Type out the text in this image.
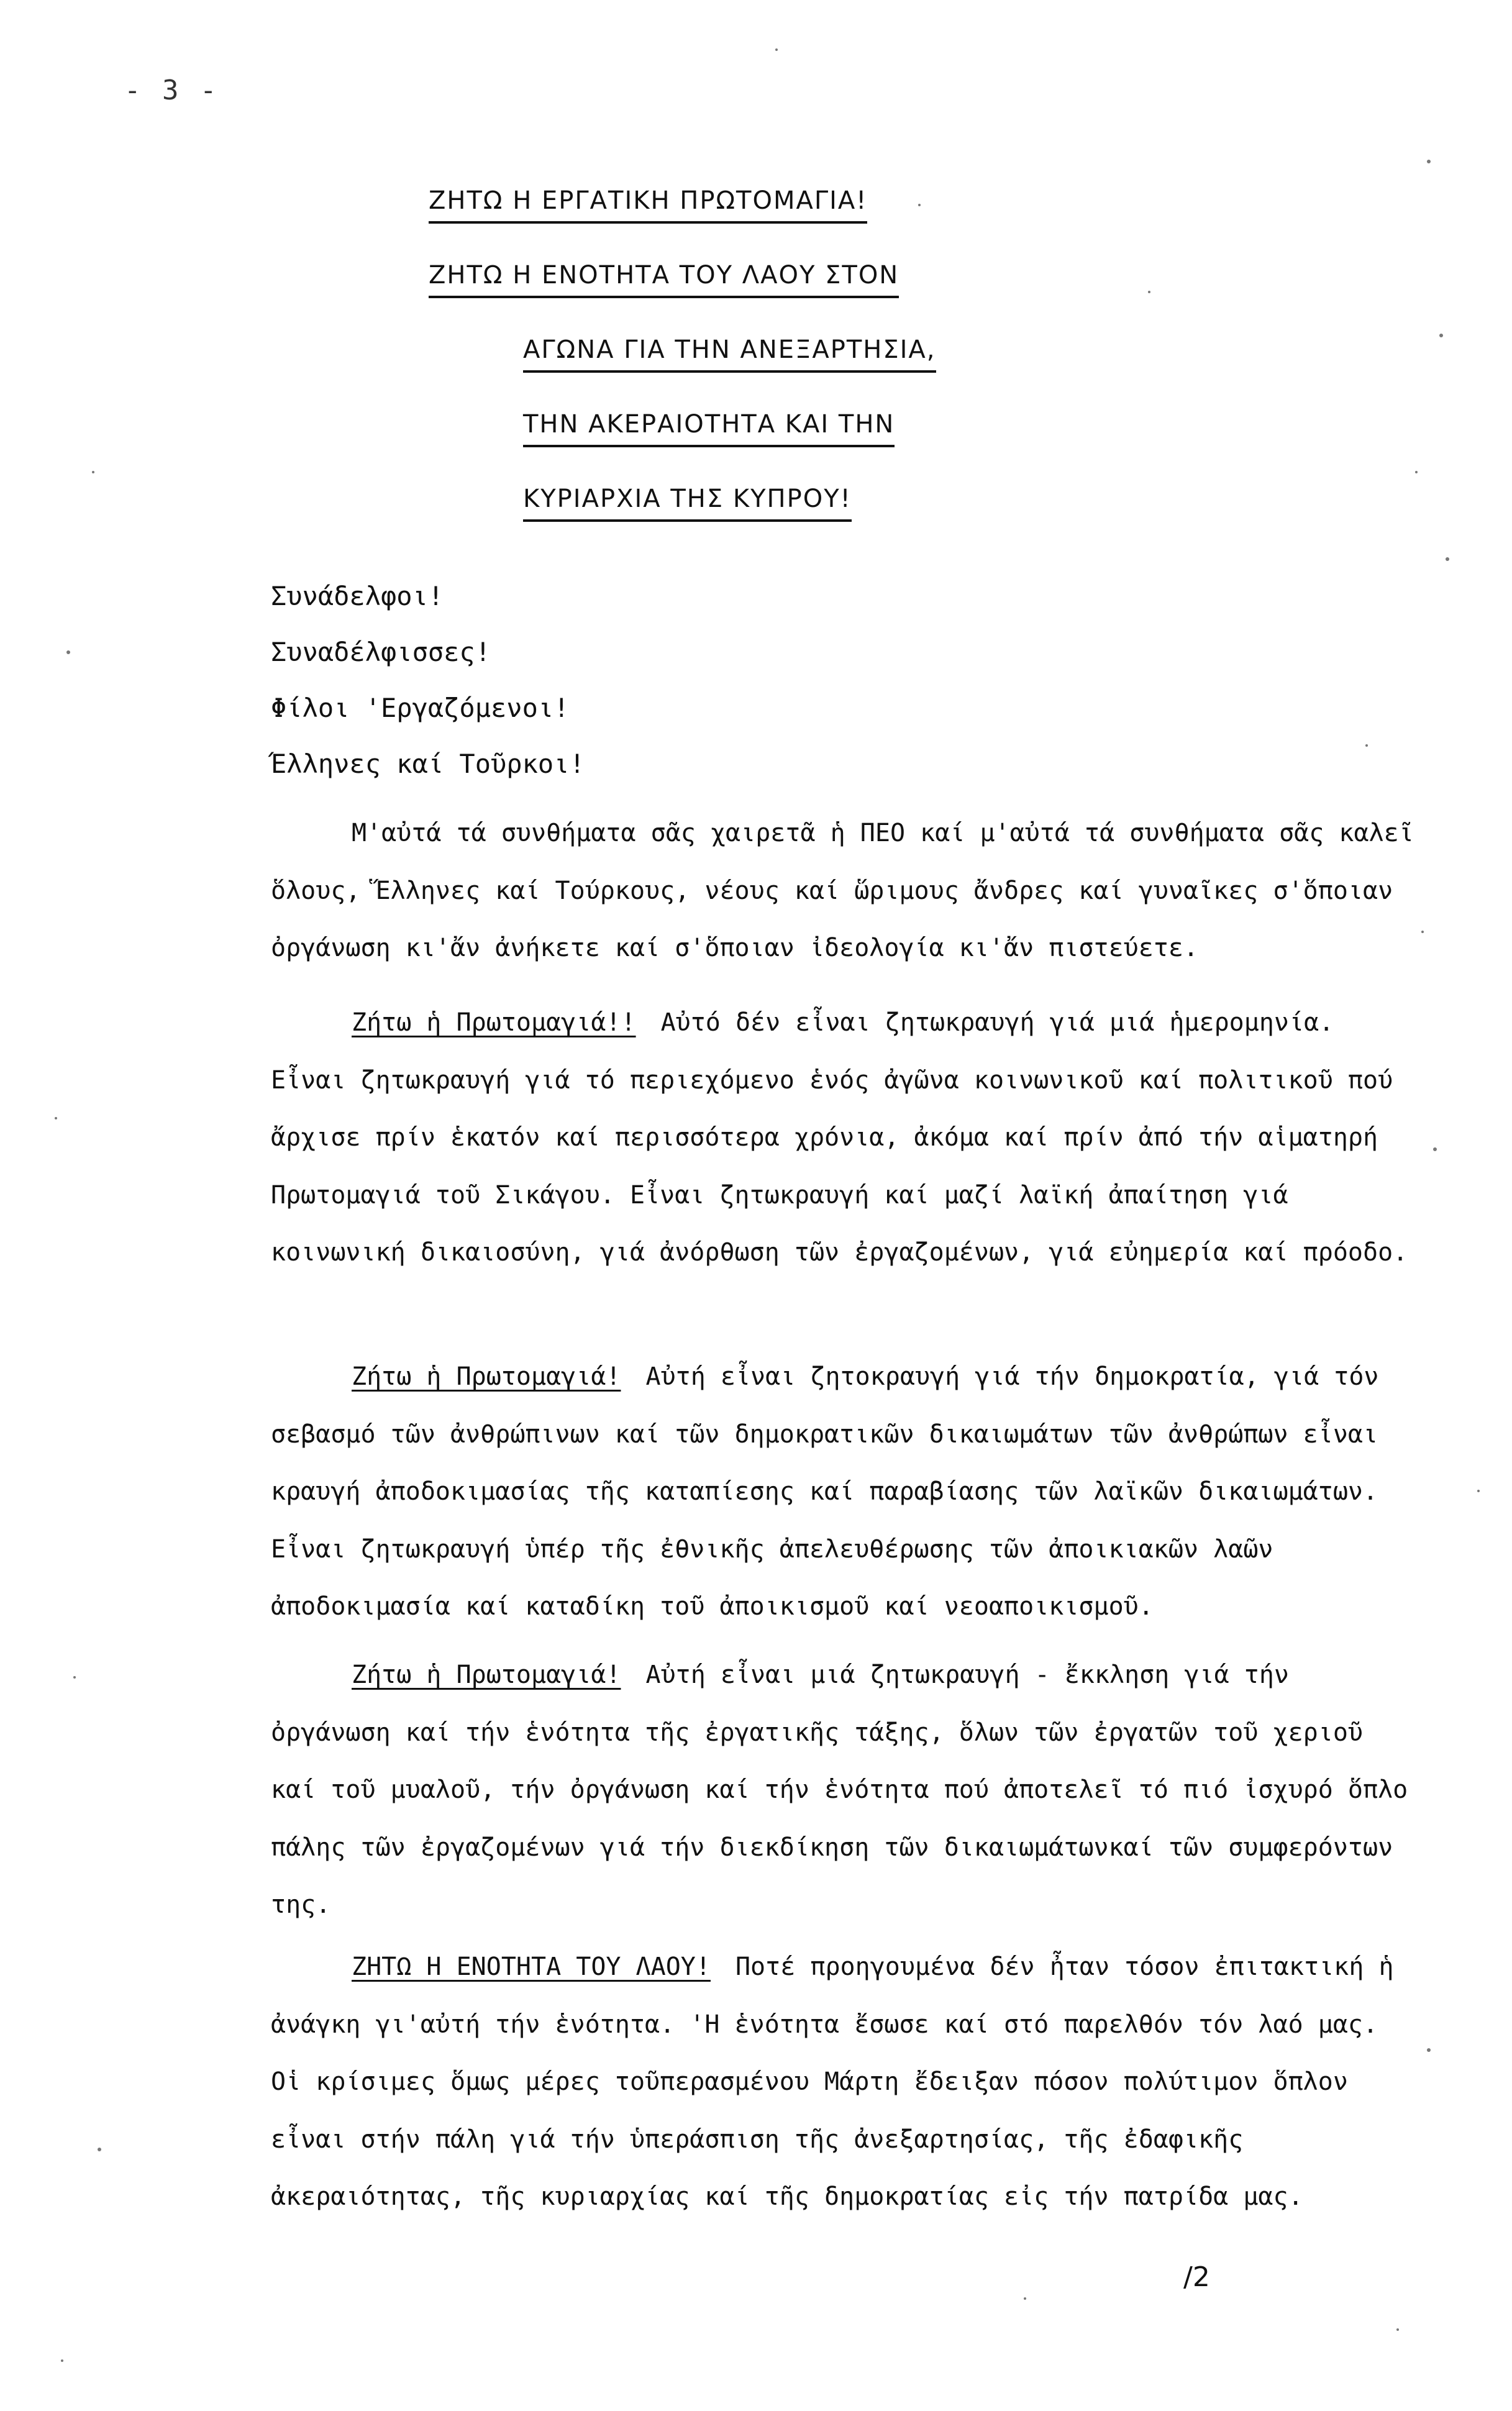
- 3 -
ΖΗΤΩ Η ΕΡΓΑΤΙΚΗ ΠΡΩΤΟΜΑΓΙΑ!
ΖΗΤΩ Η ΕΝΟΤΗΤΑ ΤΟΥ ΛΑΟΥ ΣΤΟΝ
ΑΓΩΝΑ ΓΙΑ ΤΗΝ ΑΝΕΞΑΡΤΗΣΙΑ,
ΤΗΝ ΑΚΕΡΑΙΟΤΗΤΑ ΚΑΙ ΤΗΝ
ΚΥΡΙΑΡΧΙΑ ΤΗΣ ΚΥΠΡΟΥ!
Συνάδελφοι!
Συναδέλφισσες!
Φίλοι 'Εργαζόμενοι!
Έλληνες καί Τοῦρκοι!

Μ'αὐτά τά συνθήματα σᾶς χαιρετᾶ ἡ ΠΕΟ καί μ'αὐτά τά συνθήματα σᾶς καλεῖ ὅλους, Ἕλληνες καί Τούρκους, νέους καί ὥριμους ἄνδρες καί γυναῖκες σ'ὅποιαν ὀργάνωση κι'ἄν ἀνήκετε καί σ'ὅποιαν ἰδεολογία κι'ἄν πιστεύετε.

Ζήτω ἡ Πρωτομαγιά!! Αὐτό δέν εἶναι ζητωκραυγή γιά μιά ἡμερομηνία. Εἶναι ζητωκραυγή γιά τό περιεχόμενο ἑνός ἀγῶνα κοινωνικοῦ καί πολιτικοῦ πού ἄρχισε πρίν ἑκατόν καί περισσότερα χρόνια, ἀκόμα καί πρίν ἀπό τήν αἱματηρή Πρωτομαγιά τοῦ Σικάγου. Εἶναι ζητωκραυγή καί μαζί λαϊκή ἀπαίτηση γιά κοινωνική δικαιοσύνη, γιά ἀνόρθωση τῶν ἐργαζομένων, γιά εὐημερία καί πρόοδο.

Ζήτω ἡ Πρωτομαγιά! Αὐτή εἶναι ζητοκραυγή γιά τήν δημοκρατία, γιά τόν σεβασμό τῶν ἀνθρώπινων καί τῶν δημοκρατικῶν δικαιωμάτων τῶν ἀνθρώπων εἶναι κραυγή ἀποδοκιμασίας τῆς καταπίεσης καί παραβίασης τῶν λαϊκῶν δικαιωμάτων. Εἶναι ζητωκραυγή ὑπέρ τῆς ἐθνικῆς ἀπελευθέρωσης τῶν ἀποικιακῶν λαῶν ἀποδοκιμασία καί καταδίκη τοῦ ἀποικισμοῦ καί νεοαποικισμοῦ.

Ζήτω ἡ Πρωτομαγιά! Αὐτή εἶναι μιά ζητωκραυγή - ἔκκληση γιά τήν ὀργάνωση καί τήν ἑνότητα τῆς ἐργατικῆς τάξης, ὅλων τῶν ἐργατῶν τοῦ χεριοῦ καί τοῦ μυαλοῦ, τήν ὀργάνωση καί τήν ἑνότητα πού ἀποτελεῖ τό πιό ἰσχυρό ὅπλο πάλης τῶν ἐργαζομένων γιά τήν διεκδίκηση τῶν δικαιωμάτωνκαί τῶν συμφερόντων της.

ΖΗΤΩ Η ΕΝΟΤΗΤΑ ΤΟΥ ΛΑΟΥ! Ποτέ προηγουμένα δέν ἦταν τόσον ἐπιτακτική ἡ ἀνάγκη γι'αὐτή τήν ἑνότητα. 'Η ἑνότητα ἔσωσε καί στό παρελθόν τόν λαό μας. Οἱ κρίσιμες ὅμως μέρες τοῦπερασμένου Μάρτη ἔδειξαν πόσον πολύτιμον ὅπλον εἶναι στήν πάλη γιά τήν ὑπεράσπιση τῆς ἀνεξαρτησίας, τῆς ἐδαφικῆς ἀκεραιότητας, τῆς κυριαρχίας καί τῆς δημοκρατίας εἰς τήν πατρίδα μας.

/2
